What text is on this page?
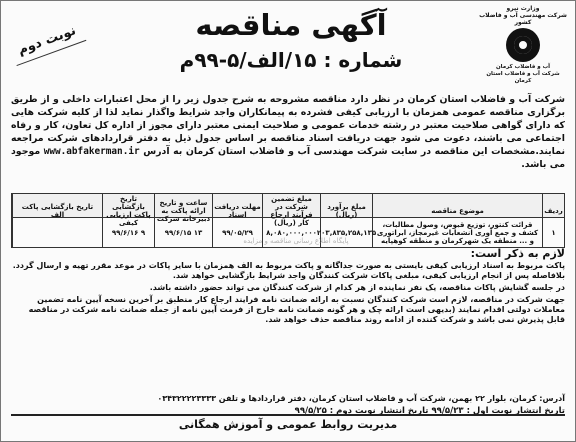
وزارت نیرو
شرکت مهندسی آب و فاضلاب کشور
آب و فاضلاب کرمان
شرکت آب و فاضلاب استان کرمان
نوبت دوم	آگهی مناقصه
شماره : ۱۵/الف/۵-۹۹م
شرکت آب و فاضلاب استان کرمان در نظر دارد مناقصه مشروحه به شرح جدول زیر را از محل اعتبارات داخلی و از طریق برگزاری مناقصه عمومی همزمان با ارزیابی کیفی فشرده به پیمانکاران واجد شرایط واگذار نماید لذا از کلیه شرکت هایی که دارای گواهی صلاحیت معتبر در رشته خدمات عمومی و صلاحیت ایمنی معتبر دارای مجوز از اداره کل تعاون، کار و رفاه اجتماعی می باشند، دعوت می شود جهت دریافت اسناد مناقصه بر اساس جدول ذیل به دفتر قراردادهای شرکت مراجعه نمایند.مشخصات این مناقصه در سایت شرکت مهندسی آب و فاضلاب استان کرمان به آدرس www.abfakerman.ir موجود می باشد.
ردیف
موضوع مناقصه
مبلغ برآورد (ریال)
مبلغ تضمین شرکت در فرآیند ارجاع کار (ریال)
مهلت دریافت اسناد
ساعت و تاریخ ارائه پاکت به دبیرخانه شرکت
تاریخ بازگشایی پاکت ارزیابی کیفی
تاریخ بازگشایی پاکت الف
۱
قرائت کنتور، توزیع قبوض، وصول مطالبات، کشف و جمع آوری انشعابات غیرمجاز، ابراتوری و ... منطقه یک شهرکرمان و منطقه کوهپایه
۲۰۳,۸۳۵,۲۵۸,۱۳۵
۸,۰۸۰,۰۰۰,۰۰۰
۹۹/۰۵/۲۹
۱۳ ۹۹/۶/۱۵
۹ ۹۹/۶/۱۶
پایگاه اطلاع رسانی مناقصه و مزایده
لازم به ذکر است:
پاکت مربوط به اسناد ارزیابی کیفی بایستی به صورت جداگانه و پاکت مربوط به الف همزمان با سایر پاکات در موعد مقرر تهیه و ارسال گردد. بلافاصله پس از انجام ارزیابی کیفی، مبلغی پاکات شرکت کنندگان واجد شرایط بازگشایی خواهد شد.
در جلسه گشایش پاکات مناقصه، یک نفر نماینده از هر کدام از شرکت کنندگان می تواند حضور داشته باشد.
جهت شرکت در مناقصه، لازم است شرکت کنندگان نسبت به ارائه ضمانت نامه فرایند ارجاع کار منطبق بر آخرین نسخه آیین نامه تضمین معاملات دولتی اقدام نمایند (بدیهی است ارائه چک و هر گونه ضمانت نامه خارج از فرمت آیین نامه از جمله ضمانت نامه شرکت در مناقصه قابل پذیرش نمی باشد و شرکت کننده از ادامه روند مناقصه حذف خواهد شد.
آدرس: کرمان، بلوار ۲۲ بهمن، شرکت آب و فاضلاب استان کرمان، دفتر قراردادها و تلفن ۰۳۴۳۲۲۲۲۳۳۳۳
تاریخ انتشار نوبت اول : ۹۹/۵/۲۳ تاریخ انتشار نوبت دوم : ۹۹/۵/۲۵
مدیریت روابط عمومی و آموزش همگانی
